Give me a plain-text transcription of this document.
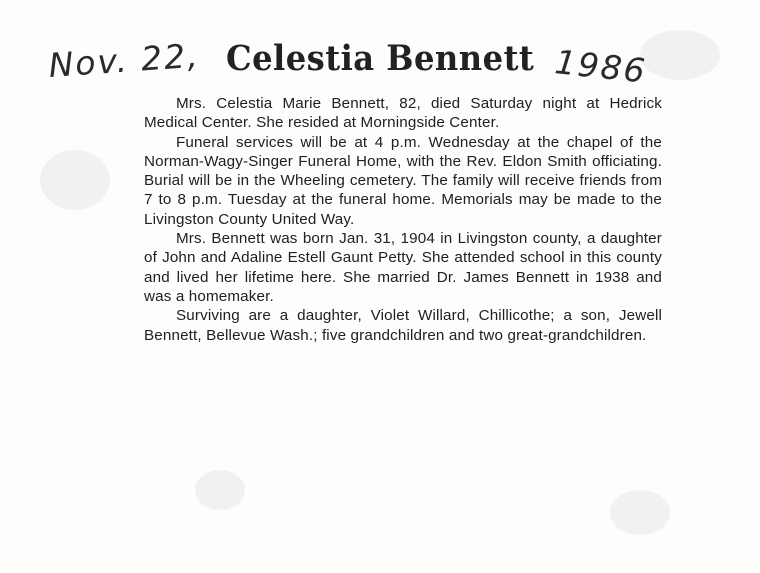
Nov. 22, Celestia Bennett 1986

Mrs. Celestia Marie Bennett, 82, died Saturday night at Hedrick Medical Center. She resided at Morningside Center.

Funeral services will be at 4 p.m. Wednesday at the chapel of the Norman-Wagy-Singer Funeral Home, with the Rev. Eldon Smith officiating. Burial will be in the Wheeling cemetery. The family will receive friends from 7 to 8 p.m. Tuesday at the funeral home. Memorials may be made to the Livingston County United Way.

Mrs. Bennett was born Jan. 31, 1904 in Livingston county, a daughter of John and Adaline Estell Gaunt Petty. She attended school in this county and lived her lifetime here. She married Dr. James Bennett in 1938 and was a homemaker.

Surviving are a daughter, Violet Willard, Chillicothe; a son, Jewell Bennett, Bellevue Wash.; five grandchildren and two great-grandchildren.
